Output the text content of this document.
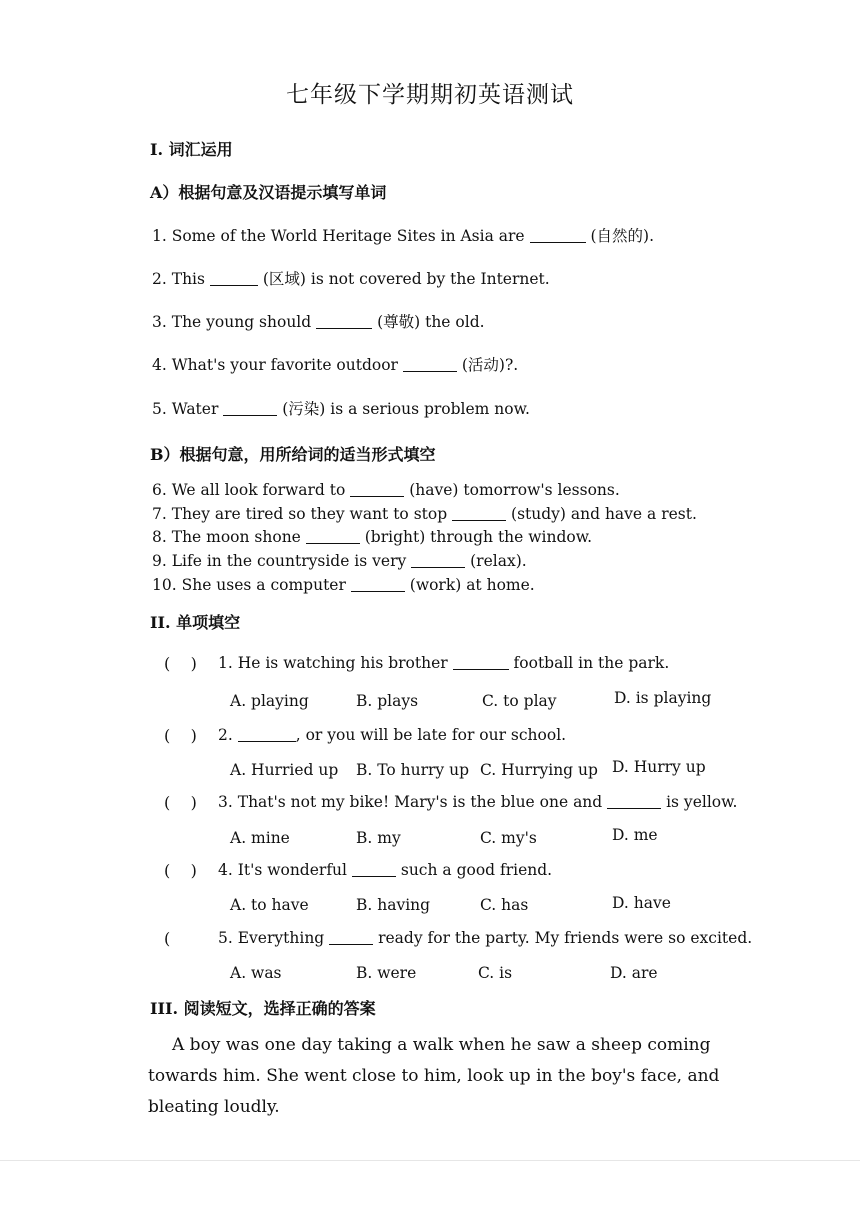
七年级下学期期初英语测试
I. 词汇运用
A）根据句意及汉语提示填写单词
1. Some of the World Heritage Sites in Asia are	(自然的).
2. This	(区域) is not covered by the Internet.
3. The young should	(尊敬) the old.
4. What's your favorite outdoor	(活动)?.
5. Water	(污染) is a serious problem now.
B）根据句意，用所给词的适当形式填空
6. We all look forward to	(have) tomorrow's lessons.
7. They are tired so they want to stop	(study) and have a rest.
8. The moon shone	(bright) through the window.
9. Life in the countryside is very	(relax).
10. She uses a computer	(work) at home.
II. 单项填空
(    ) 1. He is watching his brother	football in the park.
A. playing	B. plays	C. to play	D. is playing
(    ) 2.	, or you will be late for our school.
A. Hurried up B. To hurry up C. Hurrying up D. Hurry up
(    ) 3. That's not my bike! Mary's is the blue one and	is yellow.
A. mine	B. my	C. my's	D. me
(    ) 4. It's wonderful	such a good friend.
A. to have	B. having	C. has	D. have
(	5. Everything	ready for the party. My friends were so excited.
A. was	B. were	C. is	D. are
III. 阅读短文，选择正确的答案
A boy was one day taking a walk when he saw a sheep coming towards him. She went close to him, look up in the boy's face, and bleating loudly.
